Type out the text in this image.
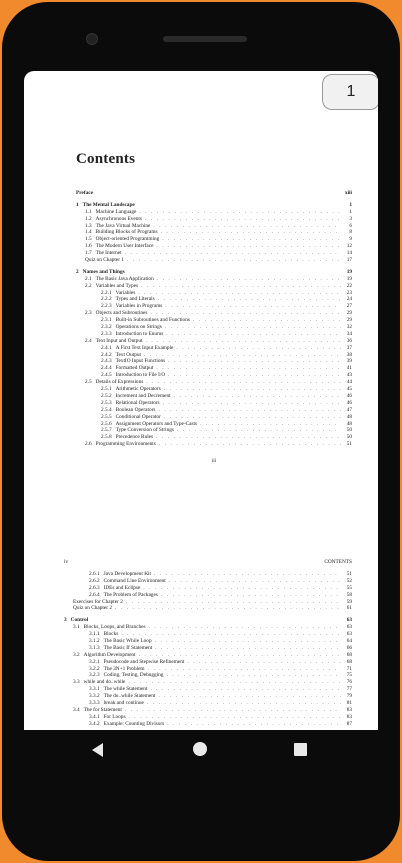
1
Contents
Preface	xiii
1 The Mental Landscape	1
1.1 Machine Language . . .	1
1.2 Asynchronous Events . . .	3
1.3 The Java Virtual Machine . . .	6
1.4 Building Blocks of Programs . . .	8
1.5 Object-oriented Programming . . .	9
1.6 The Modern User Interface . . .	12
1.7 The Internet . . .	14
Quiz on Chapter 1 . . .	17
2 Names and Things	19
2.1 The Basic Java Application . . .	19
2.2 Variables and Types . . .	22
2.2.1 Variables . . .	23
2.2.2 Types and Literals . . .	24
2.2.3 Variables in Programs . . .	27
2.3 Objects and Subroutines . . .	29
2.3.1 Built-in Subroutines and Functions . . .	29
2.3.2 Operations on Strings . . .	32
2.3.3 Introduction to Enums . . .	34
2.4 Text Input and Output . . .	36
2.4.1 A First Text Input Example . . .	37
2.4.2 Text Output . . .	38
2.4.3 TextIO Input Functions . . .	39
2.4.4 Formatted Output . . .	41
2.4.5 Introduction to File I/O . . .	43
2.5 Details of Expressions . . .	44
2.5.1 Arithmetic Operators . . .	45
2.5.2 Increment and Decrement . . .	46
2.5.3 Relational Operators . . .	46
2.5.4 Boolean Operators . . .	47
2.5.5 Conditional Operator . . .	48
2.5.6 Assignment Operators and Type-Casts . . .	48
2.5.7 Type Conversion of Strings . . .	50
2.5.8 Precedence Rules . . .	50
2.6 Programming Environments . . .	51
iii
iv	CONTENTS
2.6.1 Java Development Kit . . .	51
2.6.2 Command Line Environment . . .	52
2.6.3 IDEs and Eclipse . . .	55
2.6.4 The Problem of Packages . . .	58
Exercises for Chapter 2 . . .	59
Quiz on Chapter 2 . . .	61
3 Control	63
3.1 Blocks, Loops, and Branches . . .	63
3.1.1 Blocks . . .	63
3.1.2 The Basic While Loop . . .	64
3.1.3 The Basic If Statement . . .	66
3.2 Algorithm Development . . .	68
3.2.1 Pseudocode and Stepwise Refinement . . .	68
3.2.2 The 3N+1 Problem . . .	71
3.2.3 Coding, Testing, Debugging . . .	75
3.3 while and do..while . . .	76
3.3.1 The while Statement . . .	77
3.3.2 The do..while Statement . . .	79
3.3.3 break and continue . . .	81
3.4 The for Statement . . .	83
3.4.1 For Loops . . .	83
3.4.2 Example: Counting Divisors . . .	87
